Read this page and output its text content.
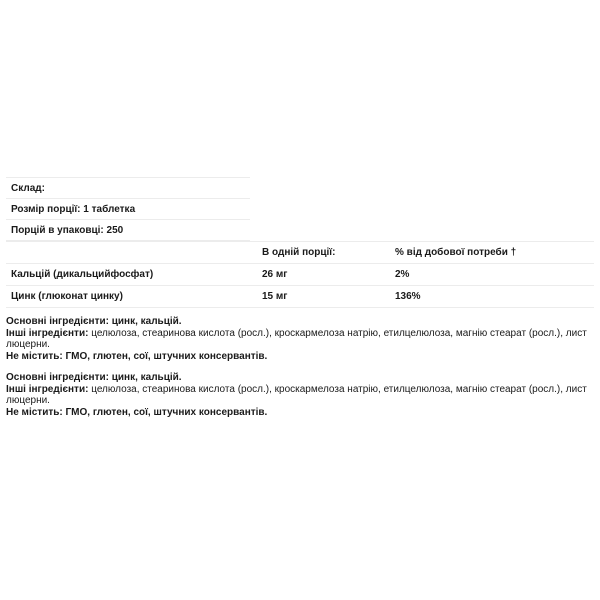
Склад:
Розмір порції: 1 таблетка
Порцій в упаковці: 250
	В одній порції:	% від добової потреби †
Кальцій (дикальцийфосфат)	26 мг	2%
Цинк (глюконат цинку)	15 мг	136%

Основні інгредієнти: цинк, кальцій.

Інші інгредієнти: целюлоза, стеаринова кислота (росл.), кроскармелоза натрію, етилцелюлоза, магнію стеарат (росл.), лист люцерни.

Не містить: ГМО, глютен, сої, штучних консервантів.

Основні інгредієнти: цинк, кальцій.

Інші інгредієнти: целюлоза, стеаринова кислота (росл.), кроскармелоза натрію, етилцелюлоза, магнію стеарат (росл.), лист люцерни.

Не містить: ГМО, глютен, сої, штучних консервантів.
